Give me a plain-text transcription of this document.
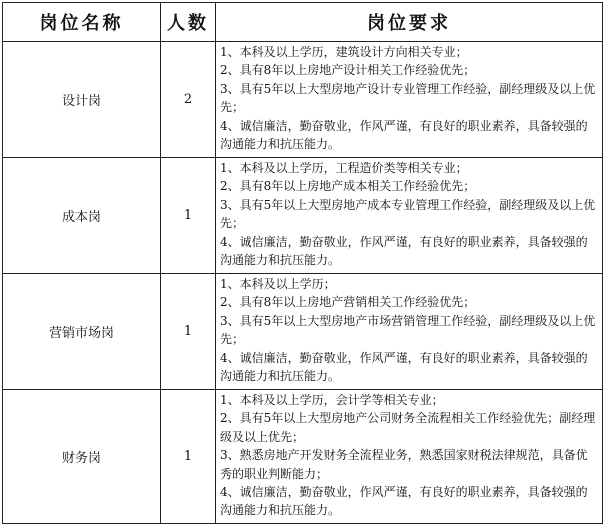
岗位名称	人数	岗位要求
设计岗	2	1、本科及以上学历，建筑设计方向相关专业；
2、具有8年以上房地产设计相关工作经验优先；
3、具有5年以上大型房地产设计专业管理工作经验，副经理级及以上优先；
4、诚信廉洁，勤奋敬业，作风严谨，有良好的职业素养，具备较强的沟通能力和抗压能力。

成本岗	1	1、本科及以上学历，工程造价类等相关专业；
2、具有8年以上房地产成本相关工作经验优先；
3、具有5年以上大型房地产成本专业管理工作经验，副经理级及以上优先；
4、诚信廉洁，勤奋敬业，作风严谨，有良好的职业素养，具备较强的沟通能力和抗压能力。

营销市场岗	1	1、本科及以上学历；
2、具有8年以上房地产营销相关工作经验优先；
3、具有5年以上大型房地产市场营销管理工作经验，副经理级及以上优先；
4、诚信廉洁，勤奋敬业，作风严谨，有良好的职业素养，具备较强的沟通能力和抗压能力。

财务岗	1	1、本科及以上学历，会计学等相关专业；
2、具有5年以上大型房地产公司财务全流程相关工作经验优先；副经理级及以上优先；
3、熟悉房地产开发财务全流程业务，熟悉国家财税法律规范，具备优秀的职业判断能力；
4、诚信廉洁，勤奋敬业，作风严谨，有良好的职业素养，具备较强的沟通能力和抗压能力。
